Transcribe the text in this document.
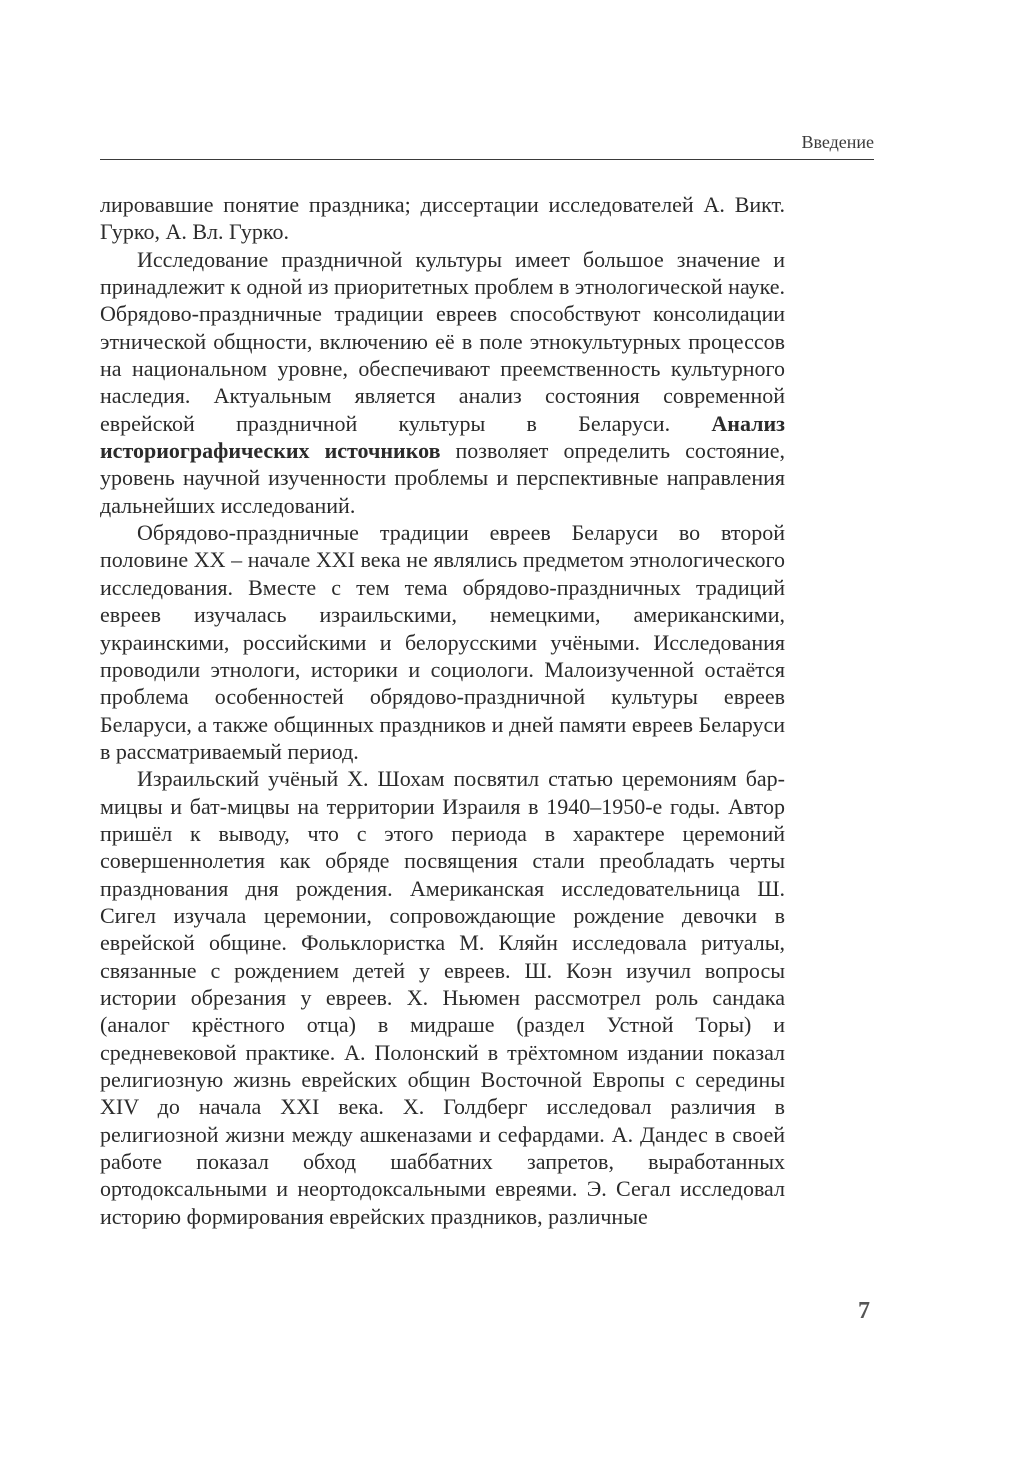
Введение

лировавшие понятие праздника; диссертации исследователей А. Викт. Гурко, А. Вл. Гурко.

Исследование праздничной культуры имеет большое значение и принадлежит к одной из приоритетных проблем в этнологической науке. Обрядово-праздничные традиции евреев способствуют консолидации этнической общности, включению её в поле этнокультурных процессов на национальном уровне, обеспечивают преемственность культурного наследия. Актуальным является анализ состояния современной еврейской праздничной культуры в Беларуси. Анализ историографических источников позволяет определить состояние, уровень научной изученности проблемы и перспективные направления дальнейших исследований.

Обрядово-праздничные традиции евреев Беларуси во второй половине XX – начале XXI века не являлись предметом этнологического исследования. Вместе с тем тема обрядово-праздничных традиций евреев изучалась израильскими, немецкими, американскими, украинскими, российскими и белорусскими учёными. Исследования проводили этнологи, историки и социологи. Малоизученной остаётся проблема особенностей обрядово-праздничной культуры евреев Беларуси, а также общинных праздников и дней памяти евреев Беларуси в рассматриваемый период.

Израильский учёный Х. Шохам посвятил статью церемониям бар-мицвы и бат-мицвы на территории Израиля в 1940–1950-е годы. Автор пришёл к выводу, что с этого периода в характере церемоний совершеннолетия как обряде посвящения стали преобладать черты празднования дня рождения. Американская исследовательница Ш. Сигел изучала церемонии, сопровождающие рождение девочки в еврейской общине. Фольклористка М. Кляйн исследовала ритуалы, связанные с рождением детей у евреев. Ш. Коэн изучил вопросы истории обрезания у евреев. Х. Ньюмен рассмотрел роль сандака (аналог крёстного отца) в мидраше (раздел Устной Торы) и средневековой практике. А. Полонский в трёхтомном издании показал религиозную жизнь еврейских общин Восточной Европы с середины XIV до начала XXI века. Х. Голдберг исследовал различия в религиозной жизни между ашкеназами и сефардами. А. Дандес в своей работе показал обход шаббатних запретов, выработанных ортодоксальными и неортодоксальными евреями. Э. Сегал исследовал историю формирования еврейских праздников, различные

7
